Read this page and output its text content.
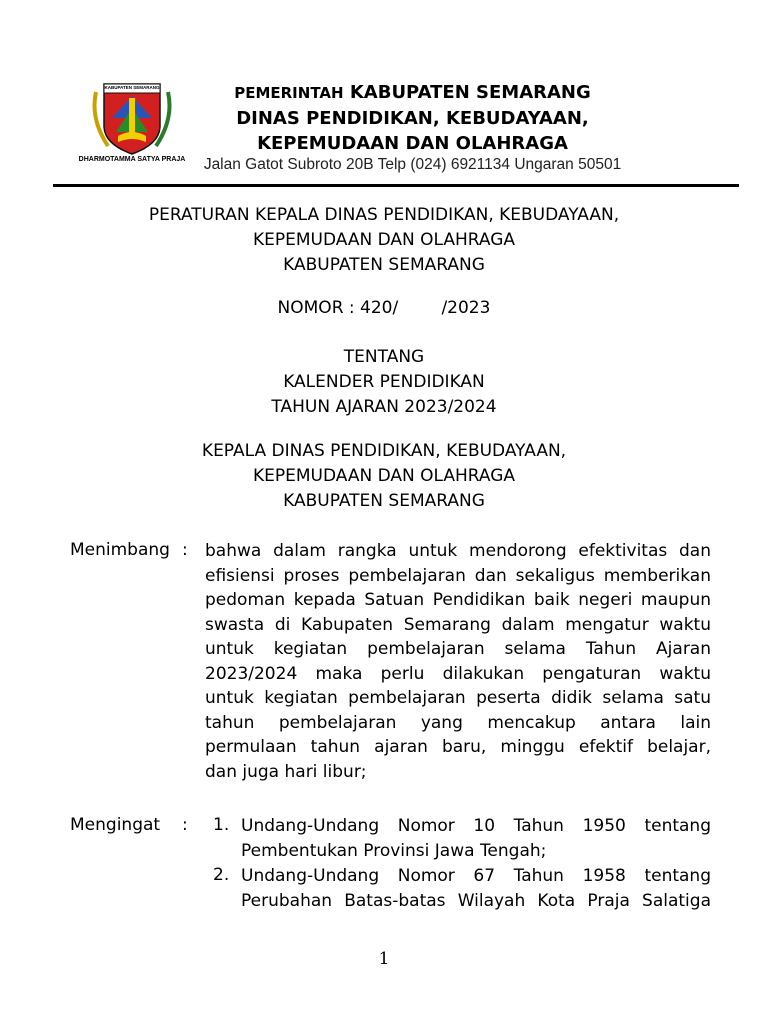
KABUPATEN SEMARANG
DHARMOTAMMA SATYA PRAJA
PEMERINTAH KABUPATEN SEMARANG
DINAS PENDIDIKAN, KEBUDAYAAN,
KEPEMUDAAN DAN OLAHRAGA
Jalan Gatot Subroto 20B Telp (024) 6921134 Ungaran 50501
PERATURAN KEPALA DINAS PENDIDIKAN, KEBUDAYAAN,
KEPEMUDAAN DAN OLAHRAGA
KABUPATEN SEMARANG
NOMOR : 420/        /2023
TENTANG
KALENDER PENDIDIKAN
TAHUN AJARAN 2023/2024
KEPALA DINAS PENDIDIKAN, KEBUDAYAAN,
KEPEMUDAAN DAN OLAHRAGA
KABUPATEN SEMARANG
Menimbang : bahwa dalam rangka untuk mendorong efektivitas dan
efisiensi proses pembelajaran dan sekaligus memberikan
pedoman kepada Satuan Pendidikan baik negeri maupun
swasta di Kabupaten Semarang dalam mengatur waktu
untuk kegiatan pembelajaran selama Tahun Ajaran
2023/2024 maka perlu dilakukan pengaturan waktu
untuk kegiatan pembelajaran peserta didik selama satu
tahun pembelajaran yang mencakup antara lain
permulaan tahun ajaran baru, minggu efektif belajar,
dan juga hari libur;
Mengingat : 1. Undang-Undang Nomor 10 Tahun 1950 tentang
Pembentukan Provinsi Jawa Tengah;
2. Undang-Undang Nomor 67 Tahun 1958 tentang
Perubahan Batas-batas Wilayah Kota Praja Salatiga
1
